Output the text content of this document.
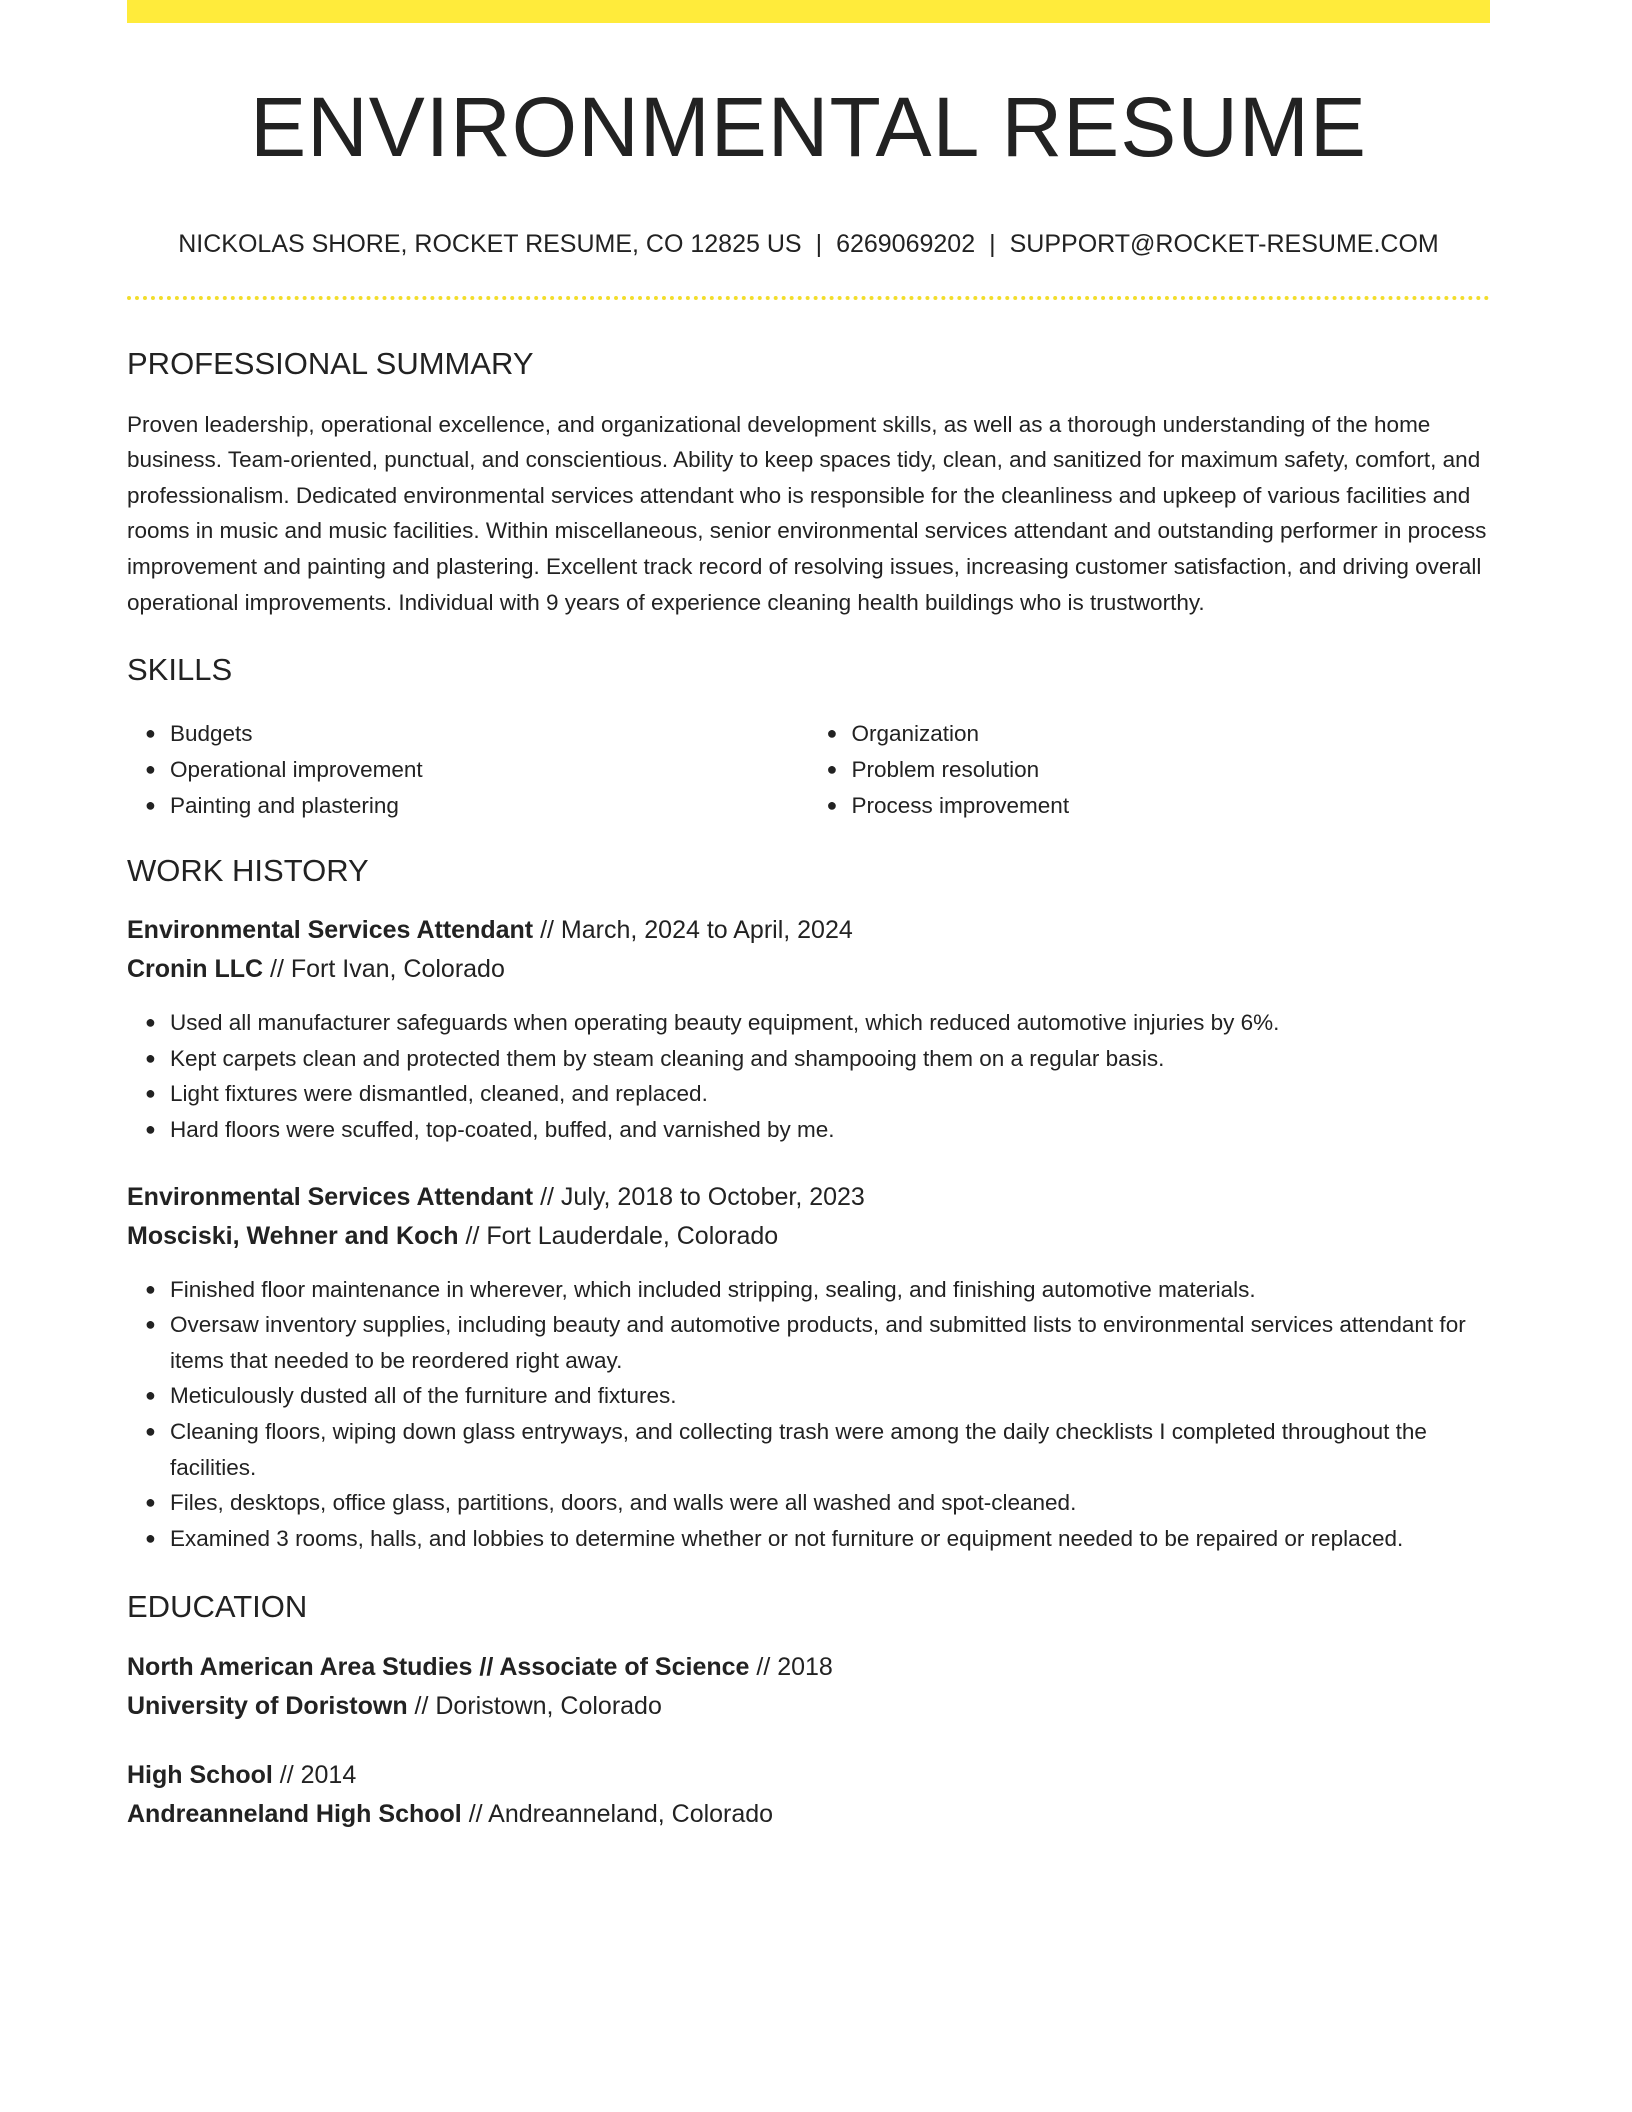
ENVIRONMENTAL RESUME
NICKOLAS SHORE, ROCKET RESUME, CO 12825 US | 6269069202 | SUPPORT@ROCKET-RESUME.COM
PROFESSIONAL SUMMARY

Proven leadership, operational excellence, and organizational development skills, as well as a thorough understanding of the home business. Team-oriented, punctual, and conscientious. Ability to keep spaces tidy, clean, and sanitized for maximum safety, comfort, and professionalism. Dedicated environmental services attendant who is responsible for the cleanliness and upkeep of various facilities and rooms in music and music facilities. Within miscellaneous, senior environmental services attendant and outstanding performer in process improvement and painting and plastering. Excellent track record of resolving issues, increasing customer satisfaction, and driving overall operational improvements. Individual with 9 years of experience cleaning health buildings who is trustworthy.

SKILLS
● Budgets
● Operational improvement
● Painting and plastering
● Organization
● Problem resolution
● Process improvement
WORK HISTORY
Environmental Services Attendant // March, 2024 to April, 2024
Cronin LLC // Fort Ivan, Colorado
● Used all manufacturer safeguards when operating beauty equipment, which reduced automotive injuries by 6%.
● Kept carpets clean and protected them by steam cleaning and shampooing them on a regular basis.
● Light fixtures were dismantled, cleaned, and replaced.
● Hard floors were scuffed, top-coated, buffed, and varnished by me.
Environmental Services Attendant // July, 2018 to October, 2023
Mosciski, Wehner and Koch // Fort Lauderdale, Colorado
● Finished floor maintenance in wherever, which included stripping, sealing, and finishing automotive materials.
● Oversaw inventory supplies, including beauty and automotive products, and submitted lists to environmental services attendant for items that needed to be reordered right away.
● Meticulously dusted all of the furniture and fixtures.
● Cleaning floors, wiping down glass entryways, and collecting trash were among the daily checklists I completed throughout the facilities.
● Files, desktops, office glass, partitions, doors, and walls were all washed and spot-cleaned.
● Examined 3 rooms, halls, and lobbies to determine whether or not furniture or equipment needed to be repaired or replaced.
EDUCATION
North American Area Studies // Associate of Science // 2018
University of Doristown // Doristown, Colorado
High School // 2014
Andreanneland High School // Andreanneland, Colorado
